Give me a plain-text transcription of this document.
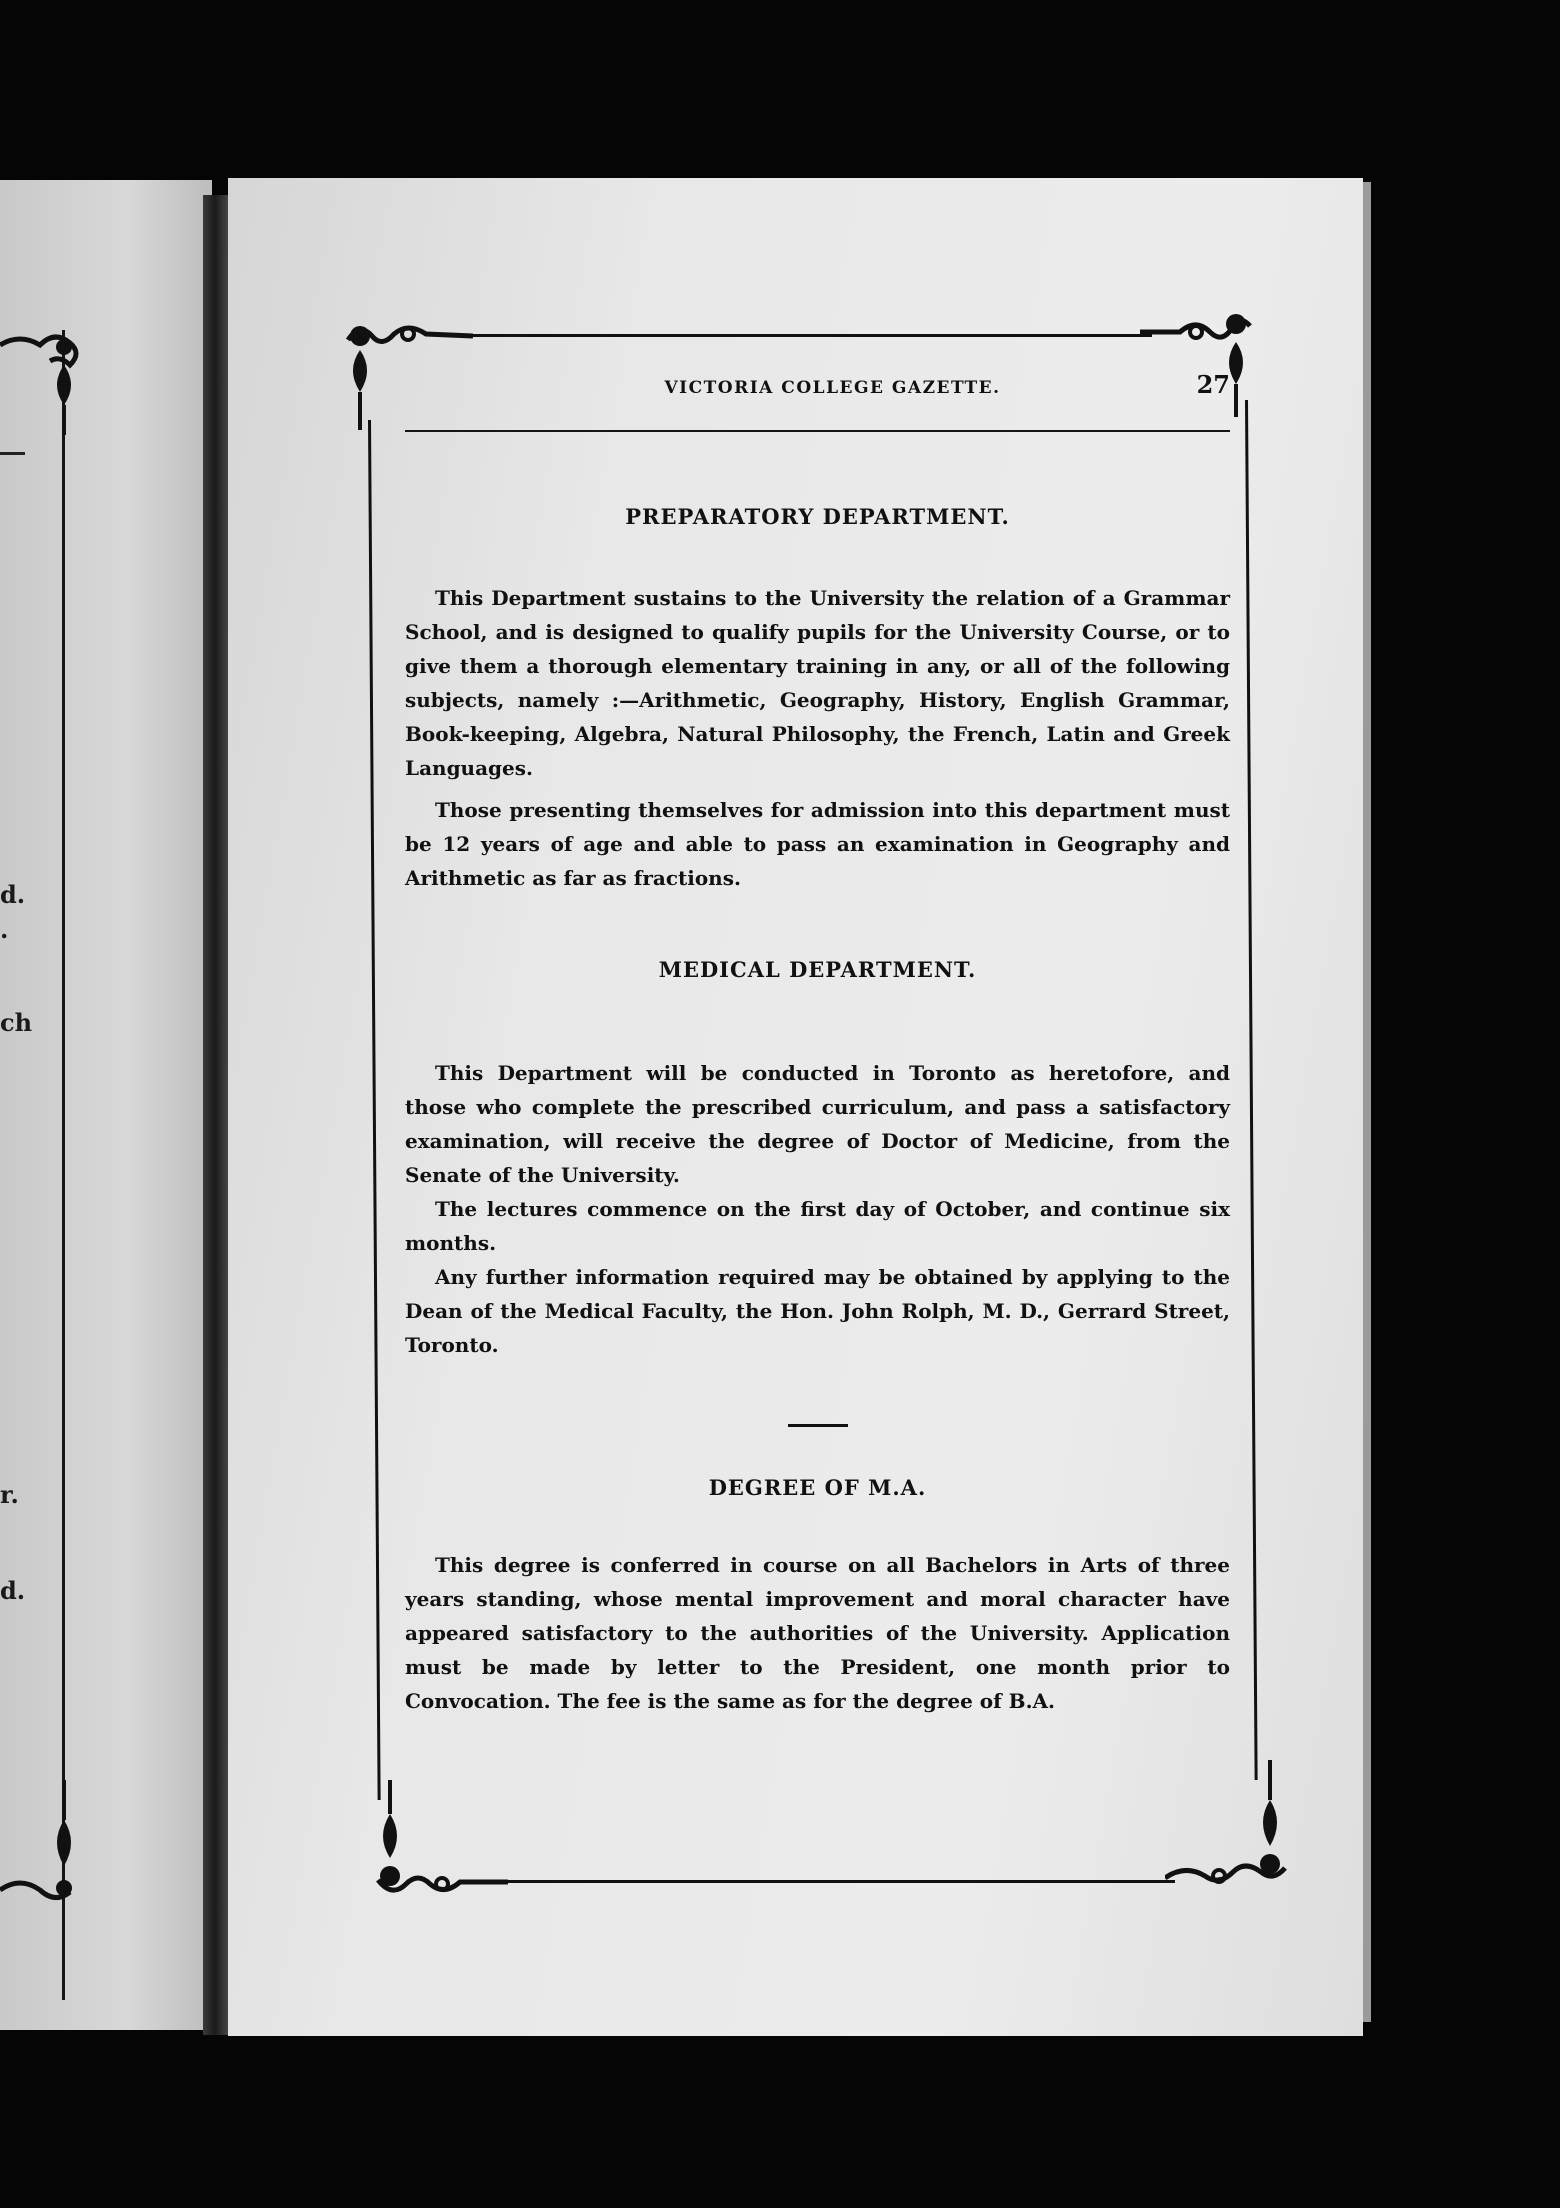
d.
.
ch
r.
d.
VICTORIA COLLEGE GAZETTE.	27
PREPARATORY DEPARTMENT.

This Department sustains to the University the relation of a Grammar School, and is designed to qualify pupils for the University Course, or to give them a thorough elementary training in any, or all of the following subjects, namely :—Arithmetic, Geography, History, English Grammar, Book-keeping, Algebra, Natural Philosophy, the French, Latin and Greek Languages.

Those presenting themselves for admission into this department must be 12 years of age and able to pass an examination in Geography and Arithmetic as far as fractions.

MEDICAL DEPARTMENT.

This Department will be conducted in Toronto as heretofore, and those who complete the prescribed curriculum, and pass a satisfactory examination, will receive the degree of Doctor of Medicine, from the Senate of the University.

The lectures commence on the first day of October, and continue six months.

Any further information required may be obtained by applying to the Dean of the Medical Faculty, the Hon. John Rolph, M. D., Gerrard Street, Toronto.

DEGREE OF M.A.

This degree is conferred in course on all Bachelors in Arts of three years standing, whose mental improvement and moral character have appeared satisfactory to the authorities of the University. Application must be made by letter to the President, one month prior to Convocation. The fee is the same as for the degree of B.A.
